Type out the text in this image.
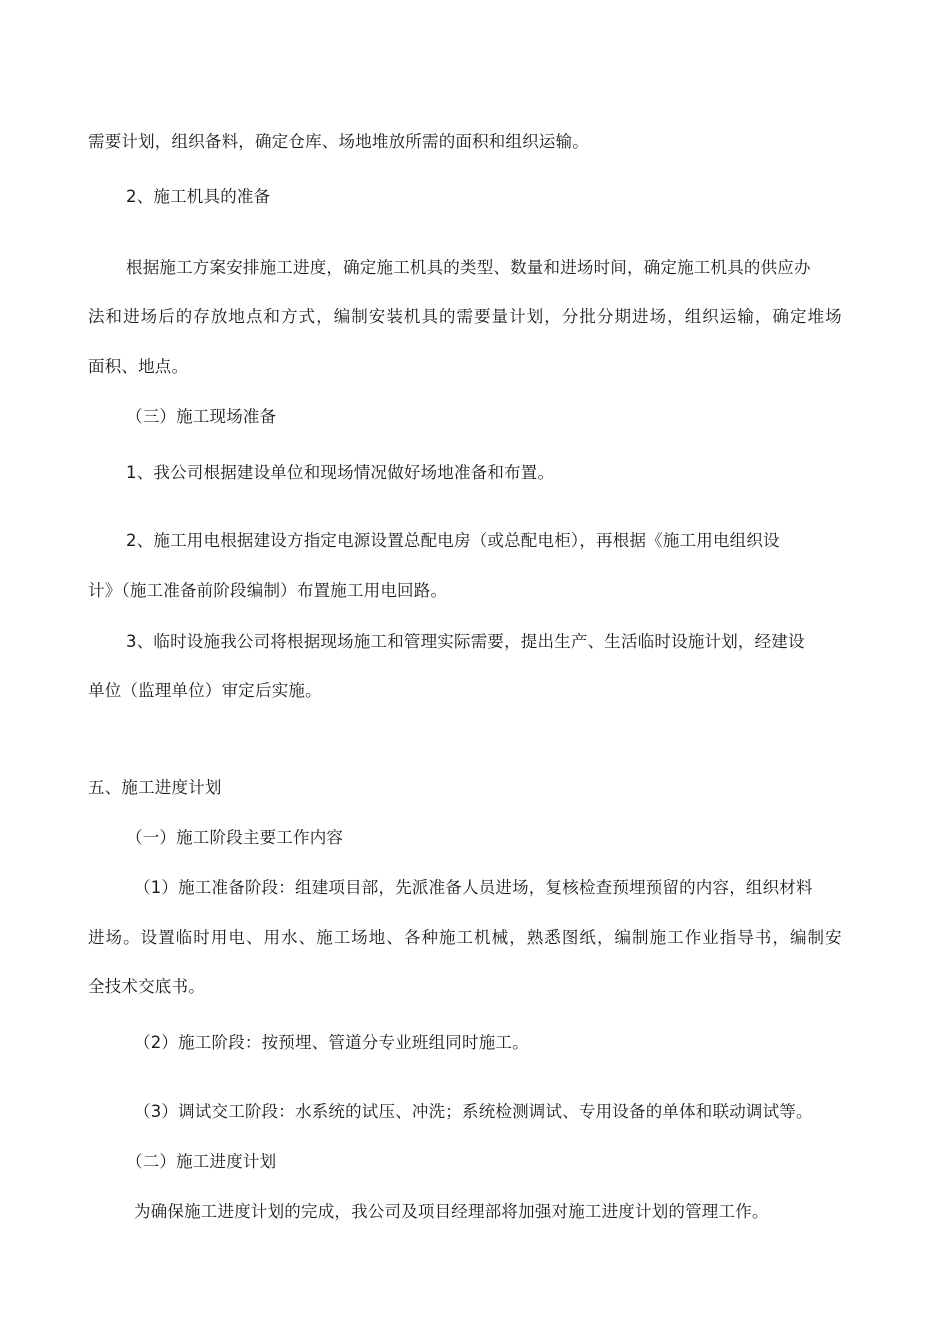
需要计划，组织备料，确定仓库、场地堆放所需的面积和组织运输。
2、施工机具的准备
根据施工方案安排施工进度，确定施工机具的类型、数量和进场时间，确定施工机具的供应办
法和进场后的存放地点和方式，编制安装机具的需要量计划，分批分期进场，组织运输，确定堆场
面积、地点。
（三）施工现场准备
1、我公司根据建设单位和现场情况做好场地准备和布置。
2、施工用电根据建设方指定电源设置总配电房（或总配电柜），再根据《施工用电组织设
计》（施工准备前阶段编制）布置施工用电回路。
3、临时设施我公司将根据现场施工和管理实际需要，提出生产、生活临时设施计划，经建设
单位（监理单位）审定后实施。
五、施工进度计划
（一）施工阶段主要工作内容
（1）施工准备阶段：组建项目部，先派准备人员进场，复核检查预埋预留的内容，组织材料
进场。设置临时用电、用水、施工场地、各种施工机械，熟悉图纸，编制施工作业指导书，编制安
全技术交底书。
（2）施工阶段：按预埋、管道分专业班组同时施工。
（3）调试交工阶段：水系统的试压、冲洗；系统检测调试、专用设备的单体和联动调试等。
（二）施工进度计划
为确保施工进度计划的完成，我公司及项目经理部将加强对施工进度计划的管理工作。
